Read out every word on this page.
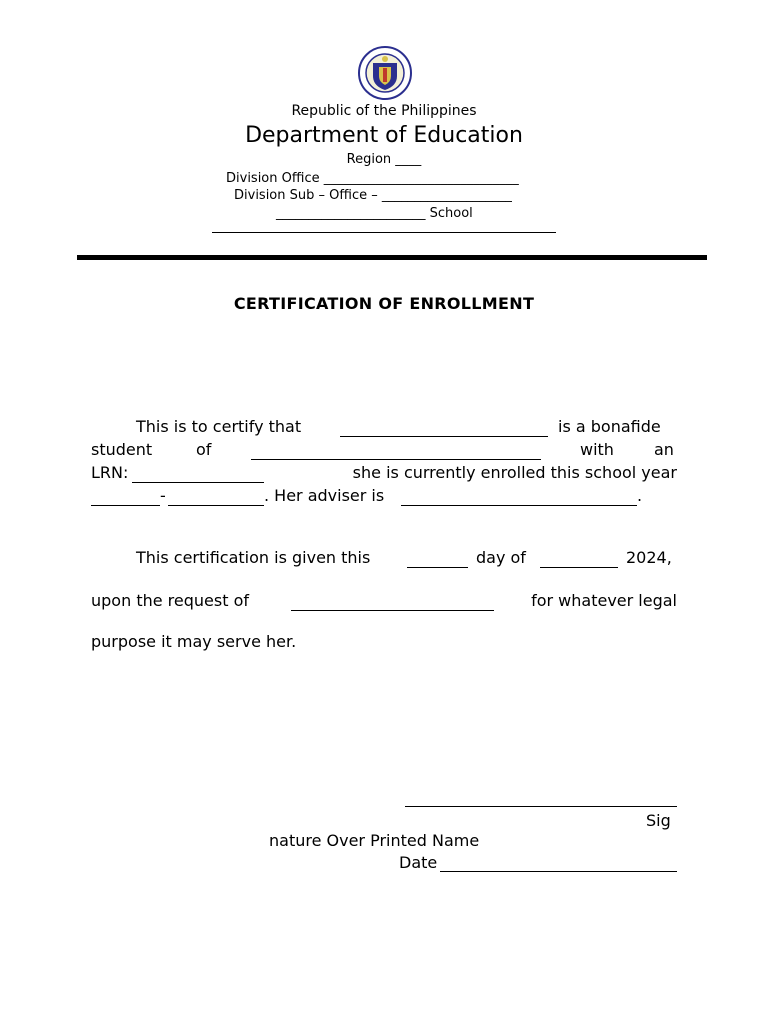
Republic of the Philippines
Department of Education
Region ____
Division Office ______________________________
Division Sub – Office – ____________________
_______________________ School
CERTIFICATION OF ENROLLMENT
This is to certify that	is a bonafide
student	of	with	an
LRN:	she is currently enrolled this school year
-	. Her adviser is	.
This certification is given this	day of	2024,
upon the request of	for whatever legal
purpose it may serve her.
Sig
nature Over Printed Name
Date
